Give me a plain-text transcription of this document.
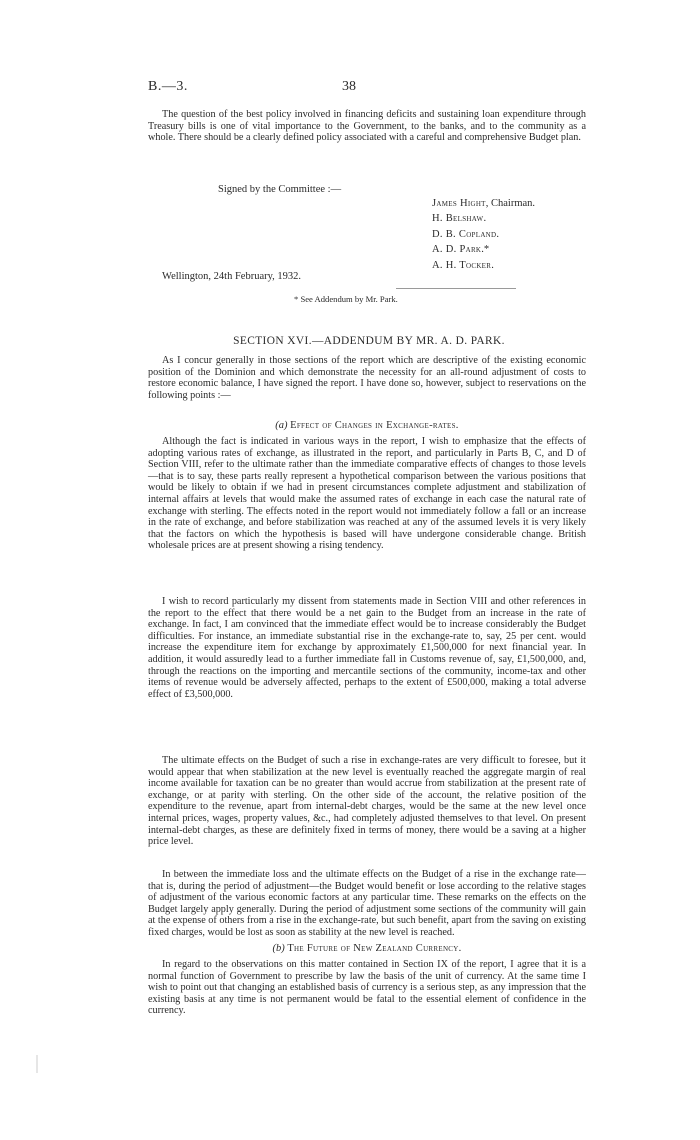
B.—3.	38

The question of the best policy involved in financing deficits and sustaining loan expenditure through Treasury bills is one of vital importance to the Government, to the banks, and to the community as a whole. There should be a clearly defined policy associated with a careful and comprehensive Budget plan.

Signed by the Committee :—
James Hight, Chairman.
H. Belshaw.
D. B. Copland.
A. D. Park.*
A. H. Tocker.
Wellington, 24th February, 1932.
* See Addendum by Mr. Park.
SECTION XVI.—ADDENDUM BY MR. A. D. PARK.

As I concur generally in those sections of the report which are descriptive of the existing economic position of the Dominion and which demonstrate the necessity for an all-round adjustment of costs to restore economic balance, I have signed the report. I have done so, however, subject to reservations on the following points :—

(a) Effect of Changes in Exchange-rates.

Although the fact is indicated in various ways in the report, I wish to emphasize that the effects of adopting various rates of exchange, as illustrated in the report, and particularly in Parts B, C, and D of Section VIII, refer to the ultimate rather than the immediate comparative effects of changes to those levels—that is to say, these parts really represent a hypothetical comparison between the various positions that would be likely to obtain if we had in present circumstances complete adjustment and stabilization of internal affairs at levels that would make the assumed rates of exchange in each case the natural rate of exchange with sterling. The effects noted in the report would not immediately follow a fall or an increase in the rate of exchange, and before stabilization was reached at any of the assumed levels it is very likely that the factors on which the hypothesis is based will have undergone considerable change. British wholesale prices are at present showing a rising tendency.

I wish to record particularly my dissent from statements made in Section VIII and other references in the report to the effect that there would be a net gain to the Budget from an increase in the rate of exchange. In fact, I am convinced that the immediate effect would be to increase considerably the Budget difficulties. For instance, an immediate substantial rise in the exchange-rate to, say, 25 per cent. would increase the expenditure item for exchange by approximately £1,500,000 for next financial year. In addition, it would assuredly lead to a further immediate fall in Customs revenue of, say, £1,500,000, and, through the reactions on the importing and mercantile sections of the community, income-tax and other items of revenue would be adversely affected, perhaps to the extent of £500,000, making a total adverse effect of £3,500,000.

The ultimate effects on the Budget of such a rise in exchange-rates are very difficult to foresee, but it would appear that when stabilization at the new level is eventually reached the aggregate margin of real income available for taxation can be no greater than would accrue from stabilization at the present rate of exchange, or at parity with sterling. On the other side of the account, the relative position of the expenditure to the revenue, apart from internal-debt charges, would be the same at the new level once internal prices, wages, property values, &c., had completely adjusted themselves to that level. On present internal-debt charges, as these are definitely fixed in terms of money, there would be a saving at a higher price level.

In between the immediate loss and the ultimate effects on the Budget of a rise in the exchange rate—that is, during the period of adjustment—the Budget would benefit or lose according to the relative stages of adjustment of the various economic factors at any particular time. These remarks on the effects on the Budget largely apply generally. During the period of adjustment some sections of the community will gain at the expense of others from a rise in the exchange-rate, but such benefit, apart from the saving on existing fixed charges, would be lost as soon as stability at the new level is reached.

(b) The Future of New Zealand Currency.

In regard to the observations on this matter contained in Section IX of the report, I agree that it is a normal function of Government to prescribe by law the basis of the unit of currency. At the same time I wish to point out that changing an established basis of currency is a serious step, as any impression that the existing basis at any time is not permanent would be fatal to the essential element of confidence in the currency.
